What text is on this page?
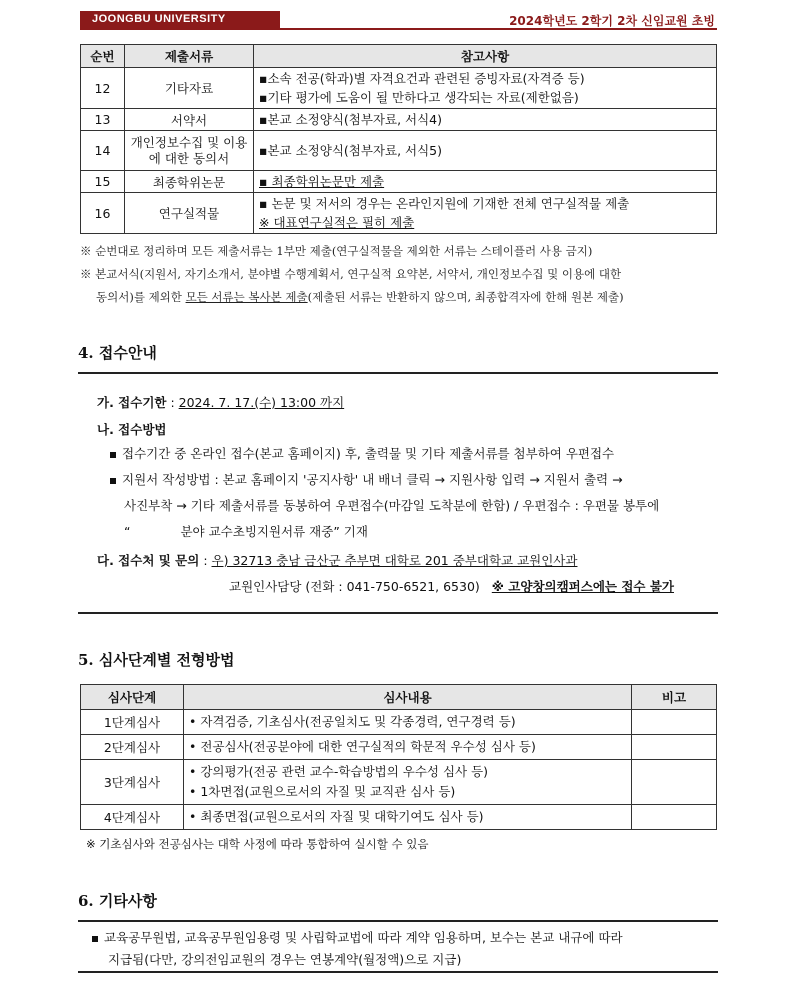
JOONGBU UNIVERSITY	2024학년도 2학기 2차 신임교원 초빙
순번	제출서류	참고사항
12	기타자료	▪소속 전공(학과)별 자격요건과 관련된 증빙자료(자격증 등)
▪기타 평가에 도움이 될 만하다고 생각되는 자료(제한없음)

13	서약서	▪본교 소정양식(첨부자료, 서식4)

14	개인정보수집 및 이용에 대한 동의서	▪본교 소정양식(첨부자료, 서식5)

15	최종학위논문	▪ 최종학위논문만 제출

16	연구실적물	▪ 논문 및 저서의 경우는 온라인지원에 기재한 전체 연구실적물 제출
※ 대표연구실적은 필히 제출
※ 순번대로 정리하며 모든 제출서류는 1부만 제출(연구실적물을 제외한 서류는 스테이플러 사용 금지)
※ 본교서식(지원서, 자기소개서, 분야별 수행계획서, 연구실적 요약본, 서약서, 개인정보수집 및 이용에 대한
동의서)를 제외한 모든 서류는 복사본 제출(제출된 서류는 반환하지 않으며, 최종합격자에 한해 원본 제출)
4. 접수안내
가. 접수기한 : 2024. 7. 17.(수) 13:00 까지
나. 접수방법
접수기간 중 온라인 접수(본교 홈페이지) 후, 출력물 및 기타 제출서류를 첨부하여 우편접수
지원서 작성방법 : 본교 홈페이지 '공지사항' 내 배너 클릭 → 지원사항 입력 → 지원서 출력 →
사진부착 → 기타 제출서류를 동봉하여 우편접수(마감일 도착분에 한함) / 우편접수 : 우편물 봉투에
“	분야 교수초빙지원서류 재중” 기재
다. 접수처 및 문의 : 우) 32713 충남 금산군 추부면 대학로 201 중부대학교 교원인사과
교원인사담당 (전화 : 041-750-6521, 6530) ※ 고양창의캠퍼스에는 접수 불가
5. 심사단계별 전형방법
심사단계	심사내용	비고
1단계심사	• 자격검증, 기초심사(전공일치도 및 각종경력, 연구경력 등)	

2단계심사	• 전공심사(전공분야에 대한 연구실적의 학문적 우수성 심사 등)	

3단계심사	• 강의평가(전공 관련 교수-학습방법의 우수성 심사 등)
• 1차면접(교원으로서의 자질 및 교직관 심사 등)	

4단계심사	• 최종면접(교원으로서의 자질 및 대학기여도 심사 등)	

※ 기초심사와 전공심사는 대학 사정에 따라 통합하여 실시할 수 있음
6. 기타사항
교육공무원법, 교육공무원임용령 및 사립학교법에 따라 계약 임용하며, 보수는 본교 내규에 따라
지급됨(다만, 강의전임교원의 경우는 연봉계약(월정액)으로 지급)
